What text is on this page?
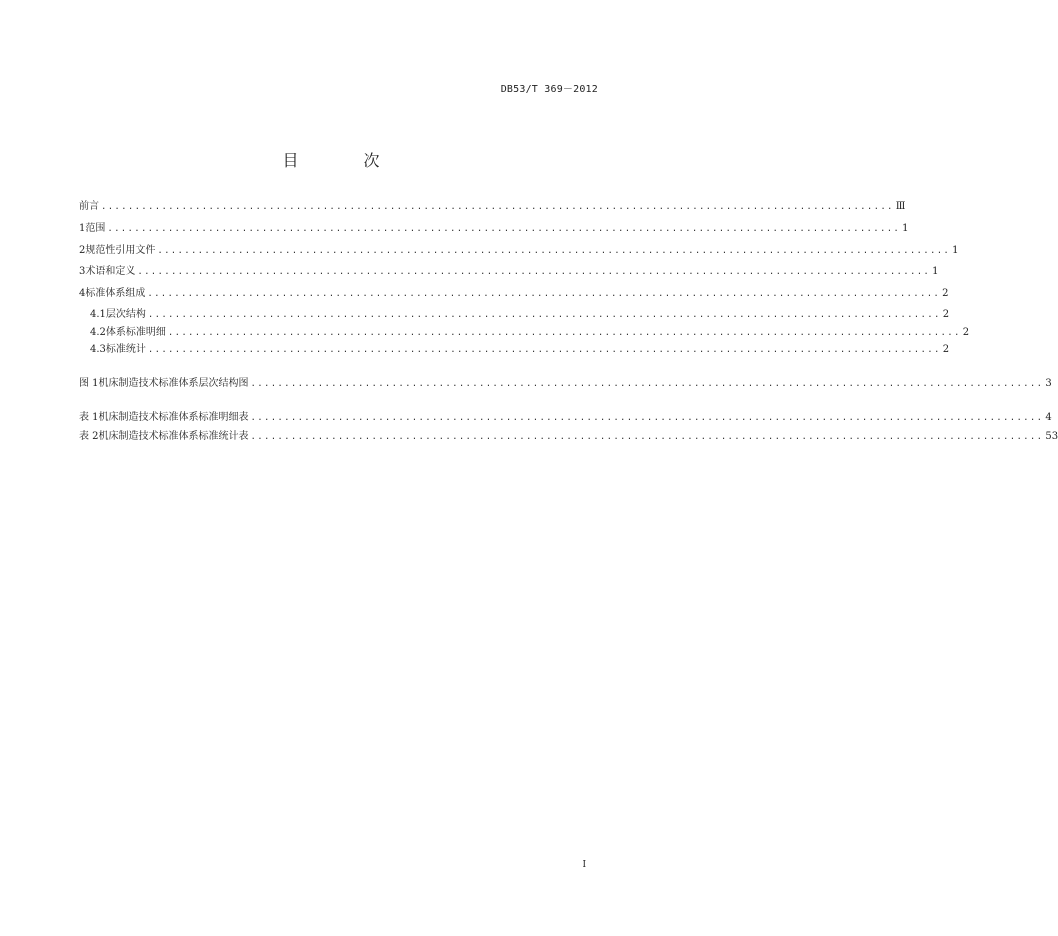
DB53/T 369－2012
目 次
前言 ...................................................................................................................... Ⅲ
1 范围 ...................................................................................................................... 1
2 规范性引用文件 ...................................................................................................................... 1
3 术语和定义 ...................................................................................................................... 1
4 标准体系组成 ...................................................................................................................... 2
4.1 层次结构 ...................................................................................................................... 2
4.2 体系标准明细 ...................................................................................................................... 2
4.3 标准统计 ...................................................................................................................... 2
图 1 机床制造技术标准体系层次结构图 ...................................................................................................................... 3
表 1 机床制造技术标准体系标准明细表 ...................................................................................................................... 4
表 2 机床制造技术标准体系标准统计表 ...................................................................................................................... 53
I
